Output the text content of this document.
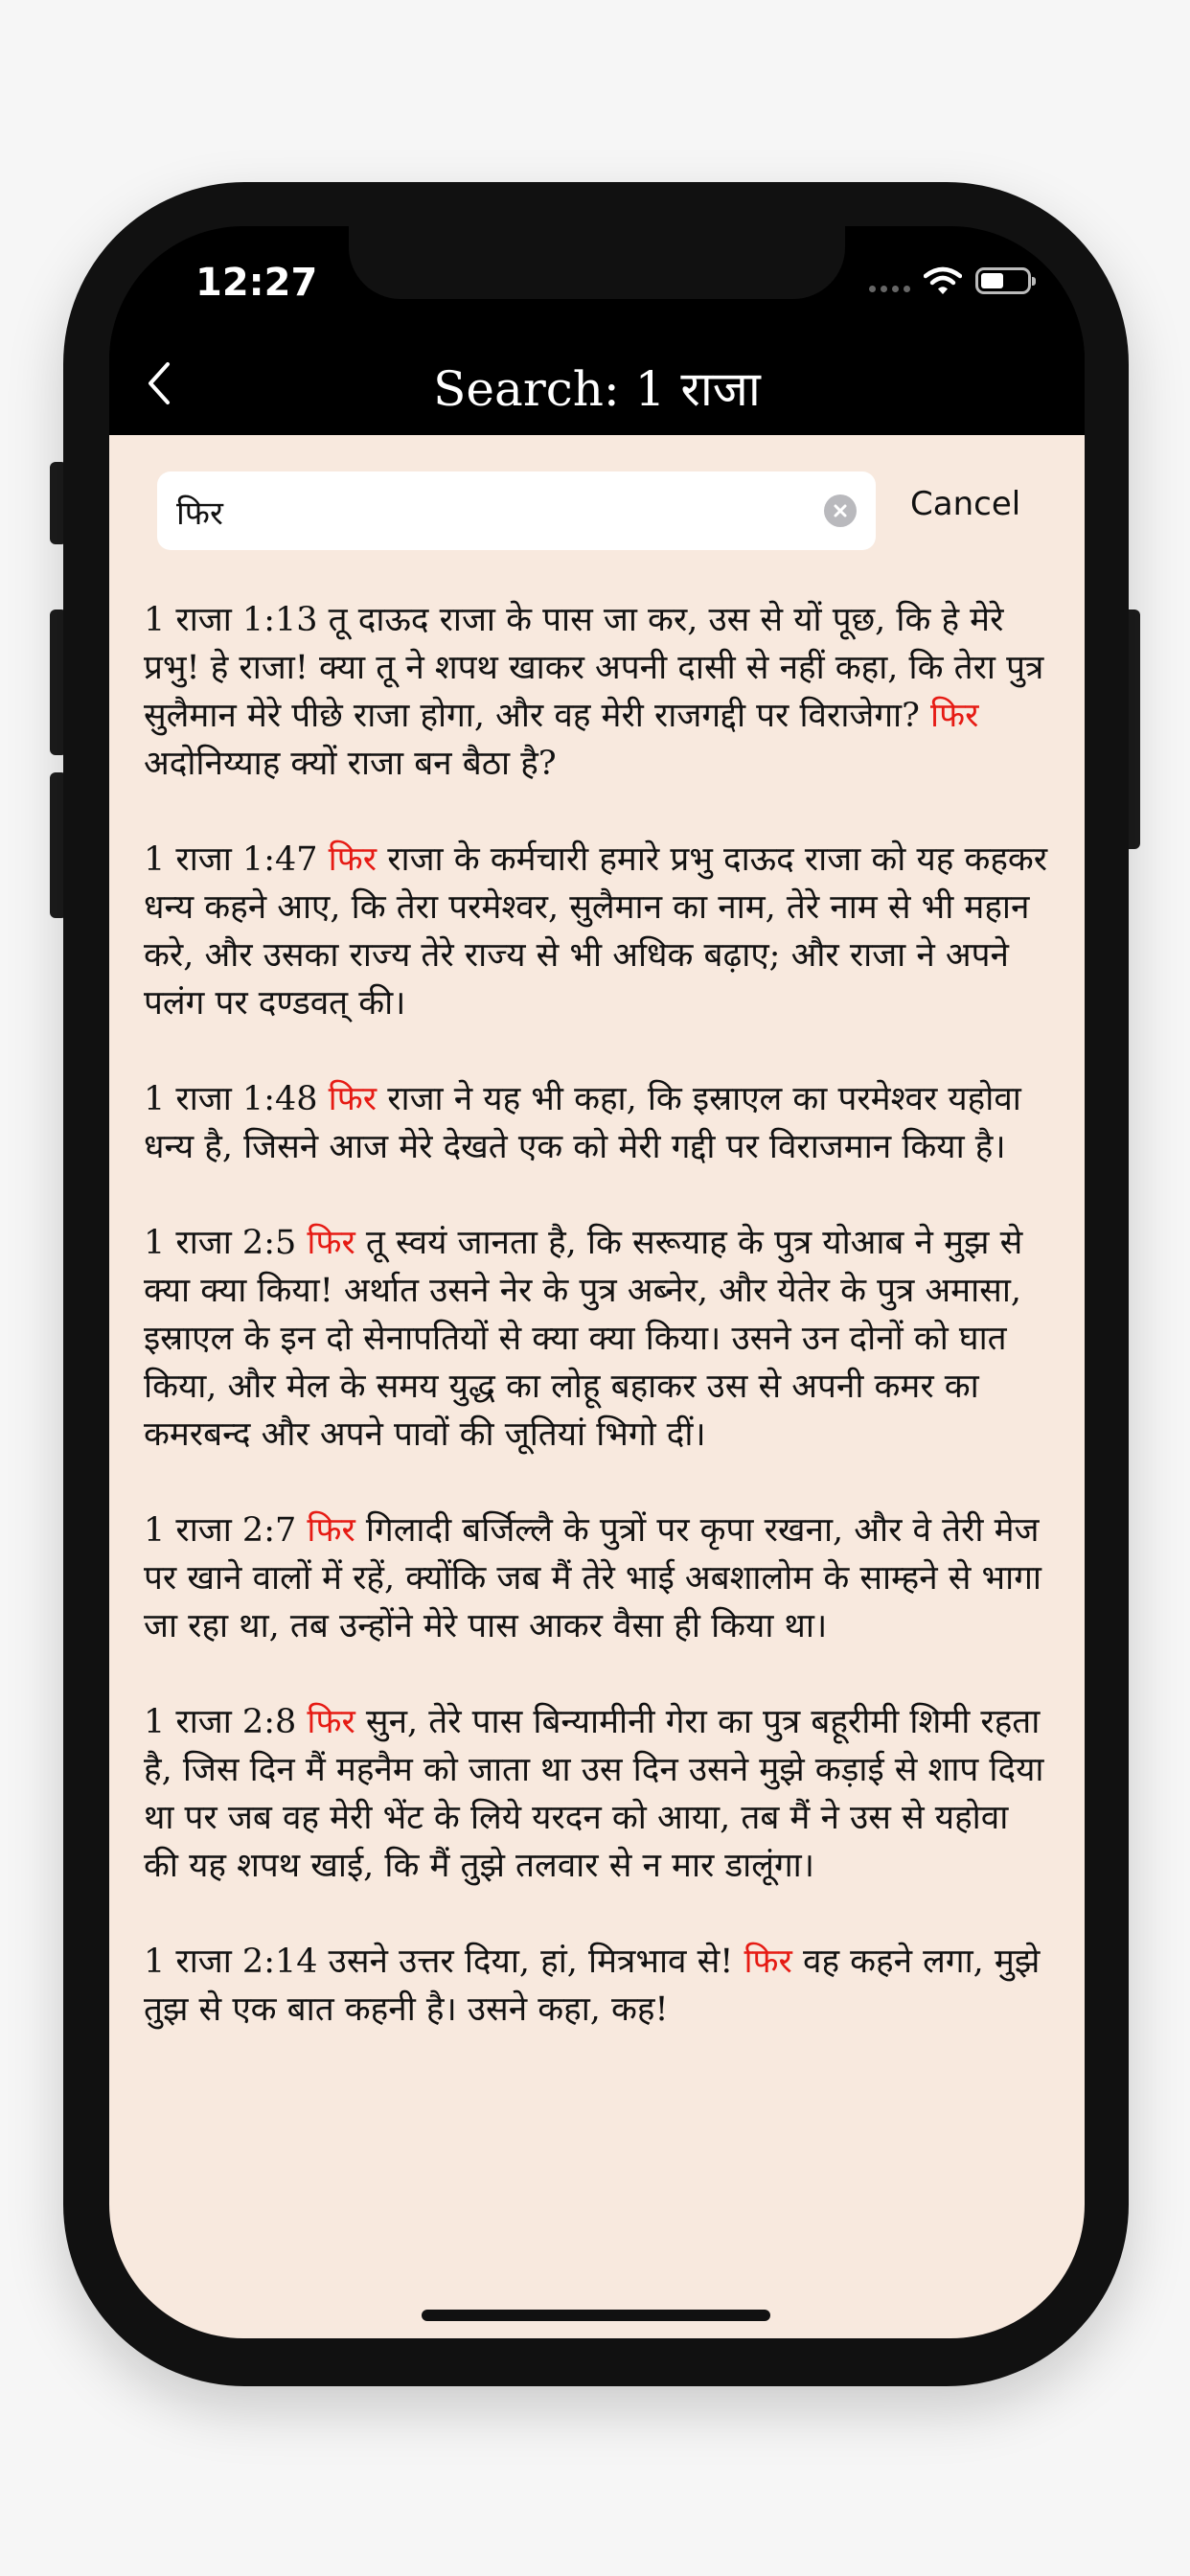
12:27
Search: 1 राजा
फिर
Cancel

1 राजा 1:13 तू दाऊद राजा के पास जा कर, उस से यों पूछ, कि हे मेरे प्रभु! हे राजा! क्या तू ने शपथ खाकर अपनी दासी से नहीं कहा, कि तेरा पुत्र सुलैमान मेरे पीछे राजा होगा, और वह मेरी राजगद्दी पर विराजेगा? फिर अदोनिय्याह क्यों राजा बन बैठा है?

1 राजा 1:47 फिर राजा के कर्मचारी हमारे प्रभु दाऊद राजा को यह कहकर धन्य कहने आए, कि तेरा परमेश्वर, सुलैमान का नाम, तेरे नाम से भी महान करे, और उसका राज्य तेरे राज्य से भी अधिक बढ़ाए; और राजा ने अपने पलंग पर दण्डवत् की।

1 राजा 1:48 फिर राजा ने यह भी कहा, कि इस्राएल का परमेश्वर यहोवा धन्य है, जिसने आज मेरे देखते एक को मेरी गद्दी पर विराजमान किया है।

1 राजा 2:5 फिर तू स्वयं जानता है, कि सरूयाह के पुत्र योआब ने मुझ से क्या क्या किया! अर्थात उसने नेर के पुत्र अब्नेर, और येतेर के पुत्र अमासा, इस्राएल के इन दो सेनापतियों से क्या क्या किया। उसने उन दोनों को घात किया, और मेल के समय युद्ध का लोहू बहाकर उस से अपनी कमर का कमरबन्द और अपने पावों की जूतियां भिगो दीं।

1 राजा 2:7 फिर गिलादी बर्जिल्लै के पुत्रों पर कृपा रखना, और वे तेरी मेज पर खाने वालों में रहें, क्योंकि जब मैं तेरे भाई अबशालोम के साम्हने से भागा जा रहा था, तब उन्होंने मेरे पास आकर वैसा ही किया था।

1 राजा 2:8 फिर सुन, तेरे पास बिन्यामीनी गेरा का पुत्र बहूरीमी शिमी रहता है, जिस दिन मैं महनैम को जाता था उस दिन उसने मुझे कड़ाई से शाप दिया था पर जब वह मेरी भेंट के लिये यरदन को आया, तब मैं ने उस से यहोवा की यह शपथ खाई, कि मैं तुझे तलवार से न मार डालूंगा।

1 राजा 2:14 उसने उत्तर दिया, हां, मित्रभाव से! फिर वह कहने लगा, मुझे तुझ से एक बात कहनी है। उसने कहा, कह!
